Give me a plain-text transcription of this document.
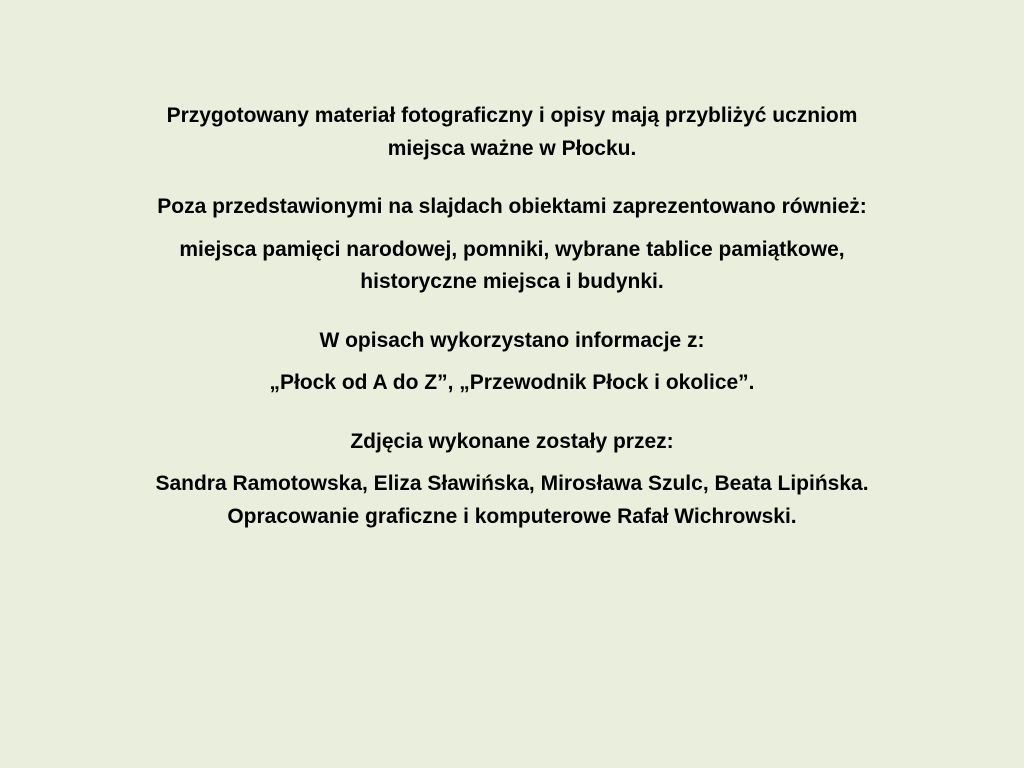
Przygotowany materiał fotograficzny i opisy mają przybliżyć uczniom
miejsca ważne w Płocku.

Poza przedstawionymi na slajdach obiektami zaprezentowano również:

miejsca pamięci narodowej, pomniki, wybrane tablice pamiątkowe,
historyczne miejsca i budynki.

W opisach wykorzystano informacje z:

„Płock od A do Z”, „Przewodnik Płock i okolice”.

Zdjęcia wykonane zostały przez:

Sandra Ramotowska, Eliza Sławińska, Mirosława Szulc, Beata Lipińska.
Opracowanie graficzne i komputerowe Rafał Wichrowski.
